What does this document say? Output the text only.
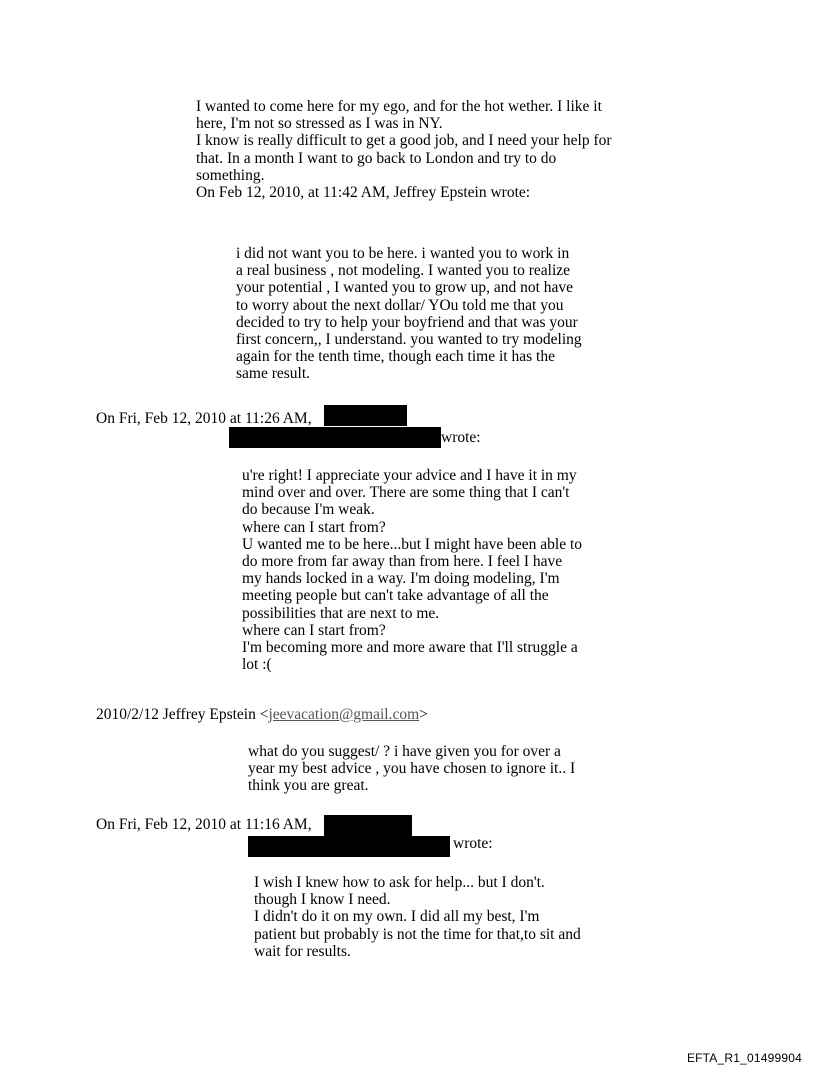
I wanted to come here for my ego, and for the hot wether. I like it
here, I'm not so stressed as I was in NY.
I know is really difficult to get a good job, and I need your help for
that. In a month I want to go back to London and try to do
something.
On Feb 12, 2010, at 11:42 AM, Jeffrey Epstein wrote:
i did not want you to be here. i wanted you to work in
a real business , not modeling. I wanted you to realize
your potential , I wanted you to grow up, and not have
to worry about the next dollar/ YOu told me that you
decided to try to help your boyfriend and that was your
first concern,, I understand. you wanted to try modeling
again for the tenth time, though each time it has the
same result.
On Fri, Feb 12, 2010 at 11:26 AM,
wrote:
u're right! I appreciate your advice and I have it in my
mind over and over. There are some thing that I can't
do because I'm weak.
where can I start from?
U wanted me to be here...but I might have been able to
do more from far away than from here. I feel I have
my hands locked in a way. I'm doing modeling, I'm
meeting people but can't take advantage of all the
possibilities that are next to me.
where can I start from?
I'm becoming more and more aware that I'll struggle a
lot :(
2010/2/12 Jeffrey Epstein <jeevacation@gmail.com>
what do you suggest/ ? i have given you for over a
year my best advice , you have chosen to ignore it.. I
think you are great.
On Fri, Feb 12, 2010 at 11:16 AM,
wrote:
I wish I knew how to ask for help... but I don't.
though I know I need.
I didn't do it on my own. I did all my best, I'm
patient but probably is not the time for that,to sit and
wait for results.
EFTA_R1_01499904
